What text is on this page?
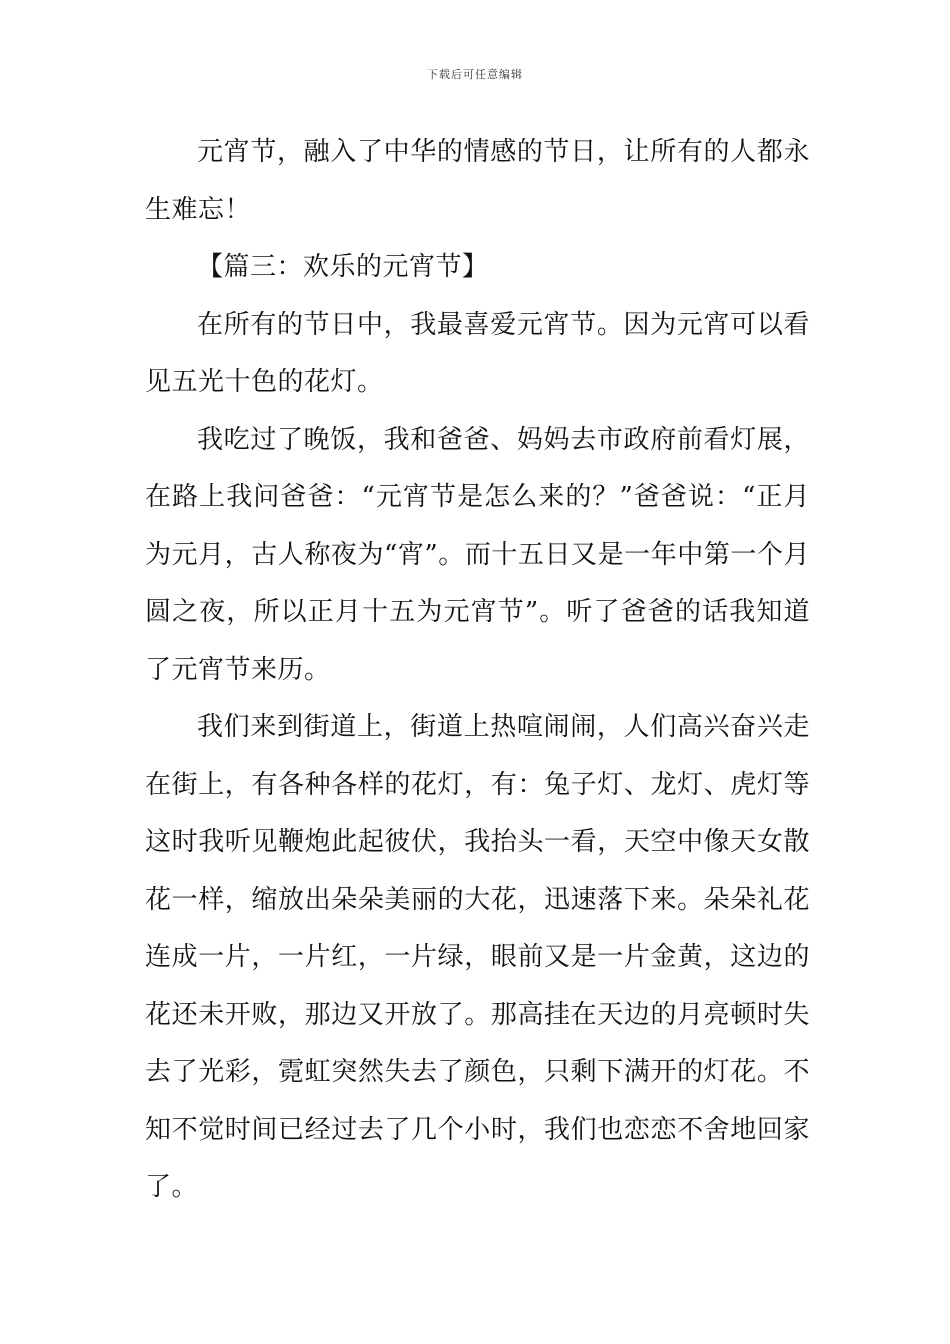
下载后可任意编辑

元宵节，融入了中华的情感的节日，让所有的人都永生难忘！

【篇三：欢乐的元宵节】

在所有的节日中，我最喜爱元宵节。因为元宵可以看见五光十色的花灯。

我吃过了晚饭，我和爸爸、妈妈去市政府前看灯展，在路上我问爸爸：“元宵节是怎么来的？”爸爸说：“正月为元月，古人称夜为“宵”。而十五日又是一年中第一个月圆之夜，所以正月十五为元宵节”。听了爸爸的话我知道了元宵节来历。

我们来到街道上，街道上热喧闹闹，人们高兴奋兴走在街上，有各种各样的花灯，有：兔子灯、龙灯、虎灯等这时我听见鞭炮此起彼伏，我抬头一看，天空中像天女散花一样，缩放出朵朵美丽的大花，迅速落下来。朵朵礼花连成一片，一片红，一片绿，眼前又是一片金黄，这边的花还未开败，那边又开放了。那高挂在天边的月亮顿时失去了光彩，霓虹突然失去了颜色，只剩下满开的灯花。不知不觉时间已经过去了几个小时，我们也恋恋不舍地回家了。
